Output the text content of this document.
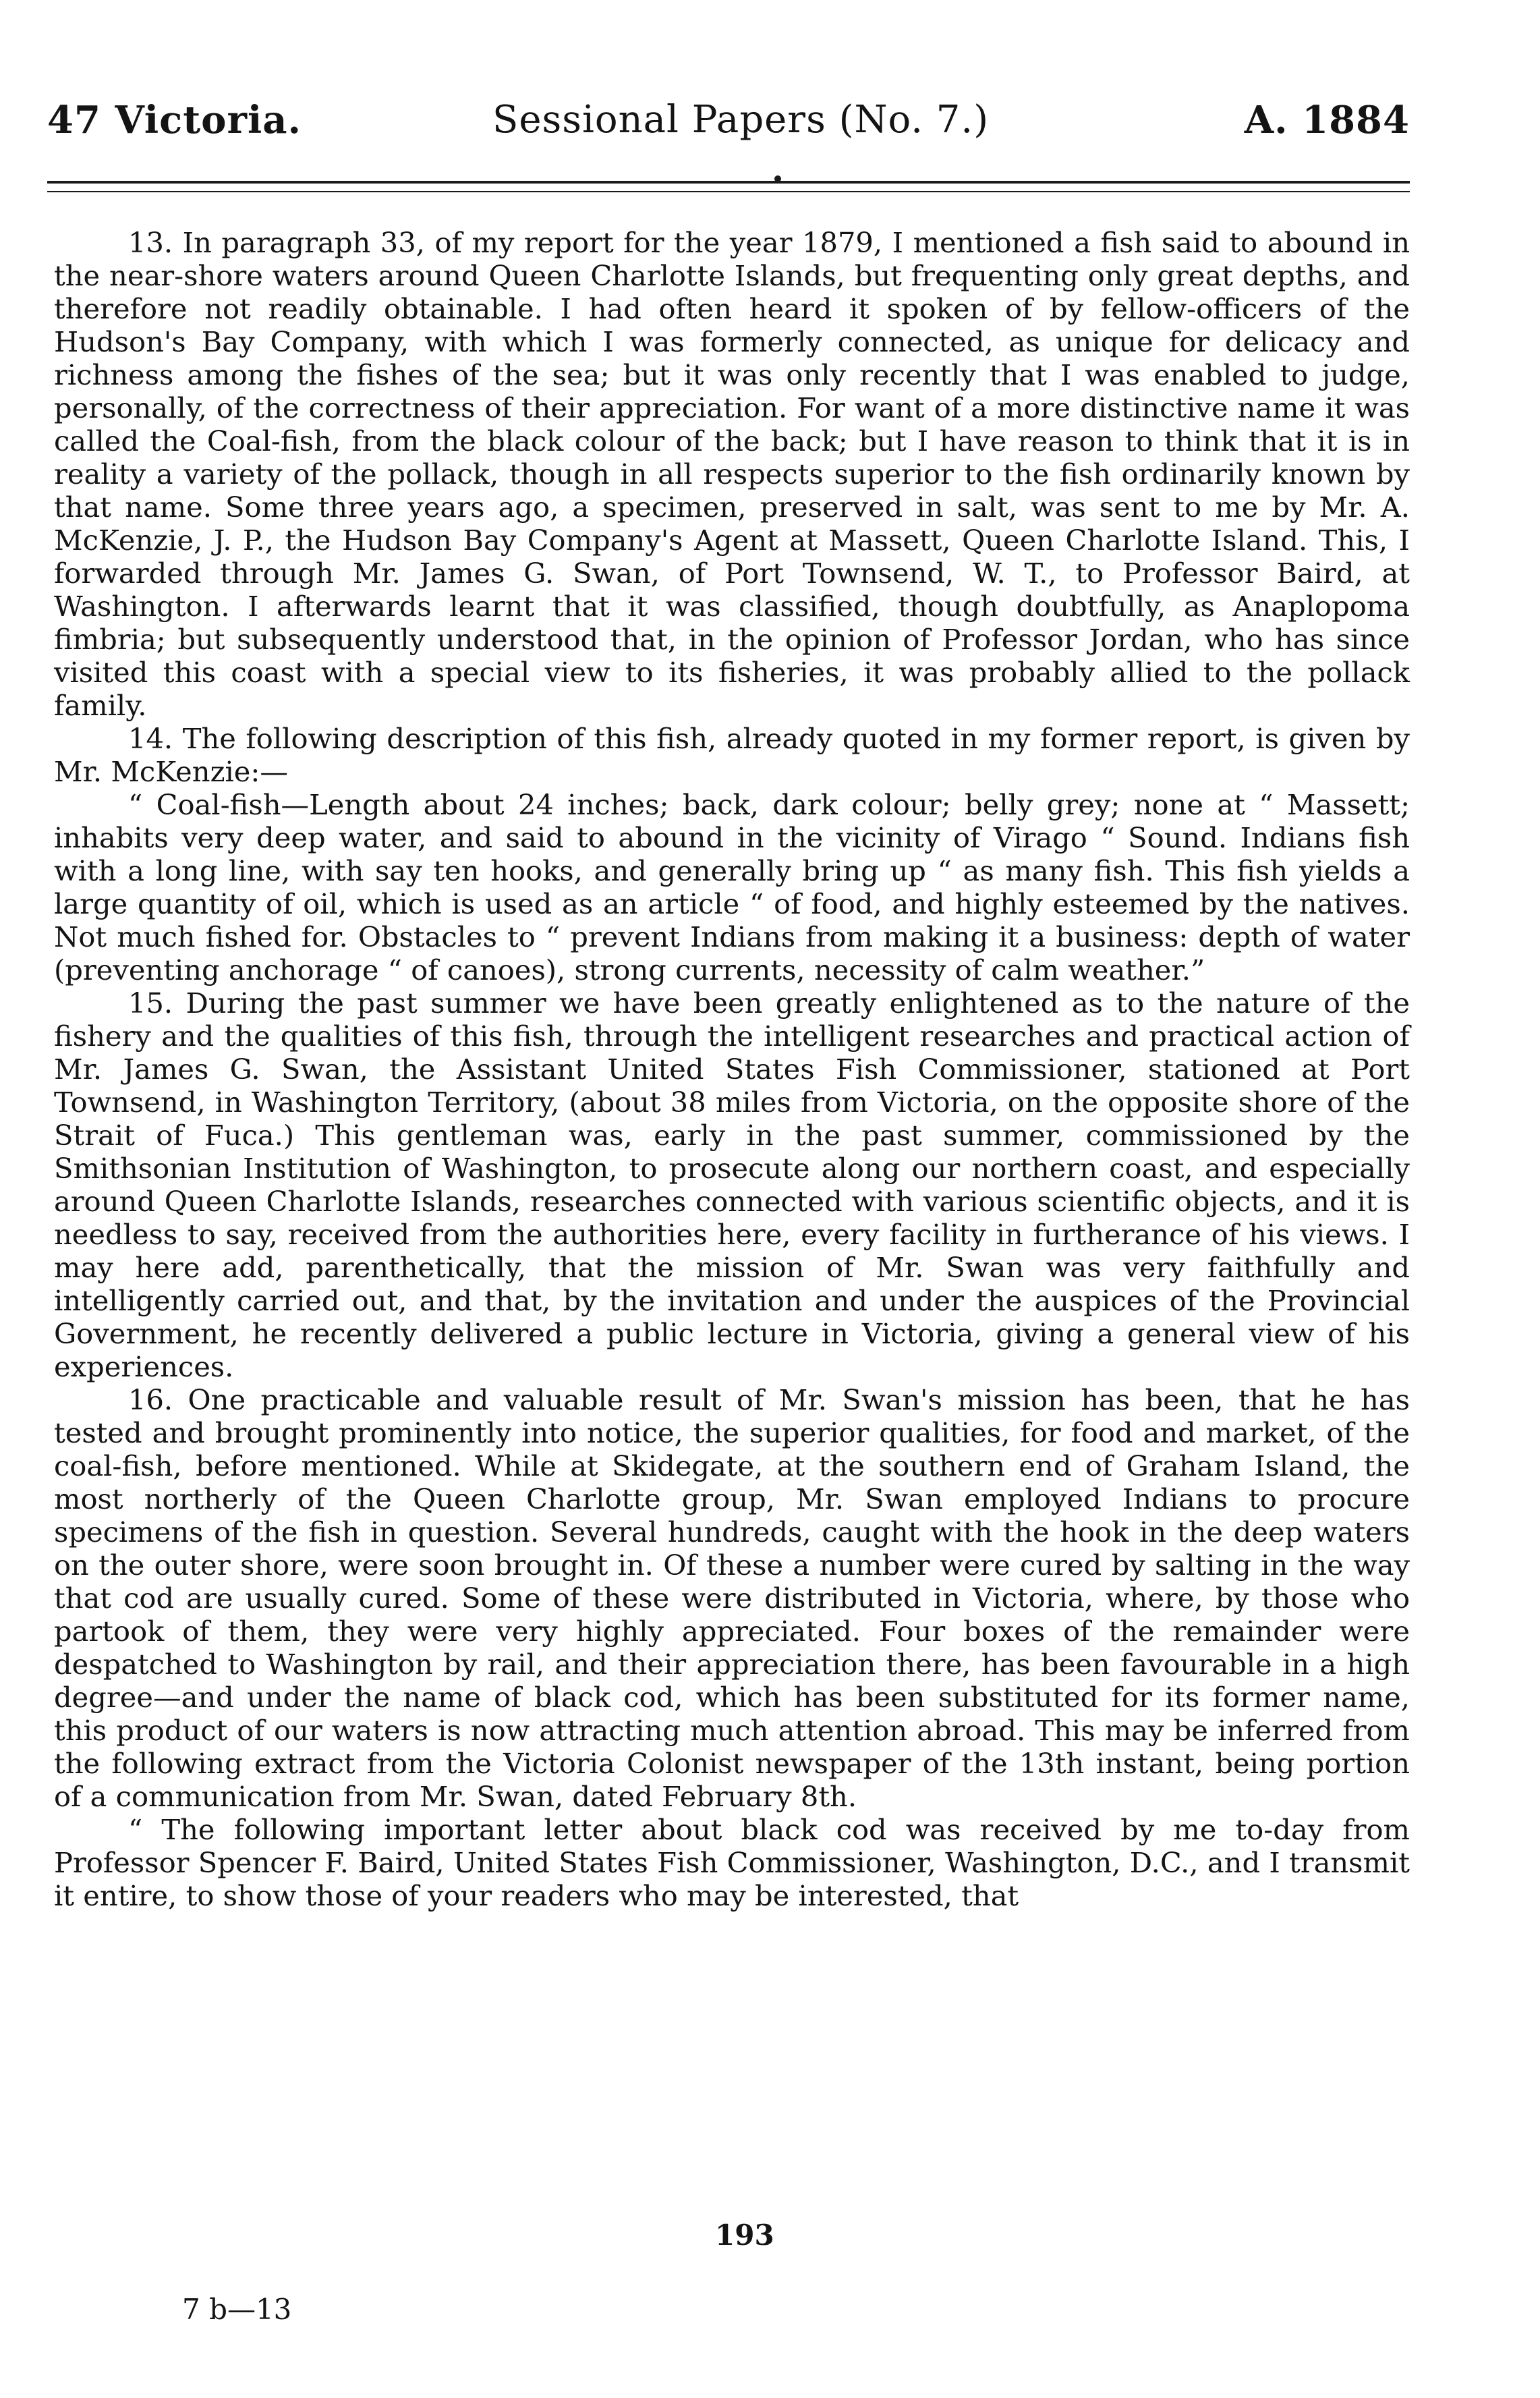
47 Victoria.	Sessional Papers (No. 7.)	A. 1884

13. In paragraph 33, of my report for the year 1879, I mentioned a fish said to abound in the near-shore waters around Queen Charlotte Islands, but frequenting only great depths, and therefore not readily obtainable. I had often heard it spoken of by fellow-officers of the Hudson's Bay Company, with which I was formerly connected, as unique for delicacy and richness among the fishes of the sea; but it was only recently that I was enabled to judge, personally, of the correctness of their appreciation. For want of a more distinctive name it was called the Coal-fish, from the black colour of the back; but I have reason to think that it is in reality a variety of the pollack, though in all respects superior to the fish ordinarily known by that name. Some three years ago, a specimen, preserved in salt, was sent to me by Mr. A. McKenzie, J. P., the Hudson Bay Company's Agent at Massett, Queen Charlotte Island. This, I forwarded through Mr. James G. Swan, of Port Townsend, W. T., to Professor Baird, at Washington. I afterwards learnt that it was classified, though doubtfully, as Anaplopoma fimbria; but subsequently understood that, in the opinion of Professor Jordan, who has since visited this coast with a special view to its fisheries, it was probably allied to the pollack family.

14. The following description of this fish, already quoted in my former report, is given by Mr. McKenzie:—

“ Coal-fish—Length about 24 inches; back, dark colour; belly grey; none at “ Massett; inhabits very deep water, and said to abound in the vicinity of Virago “ Sound. Indians fish with a long line, with say ten hooks, and generally bring up “ as many fish. This fish yields a large quantity of oil, which is used as an article “ of food, and highly esteemed by the natives. Not much fished for. Obstacles to “ prevent Indians from making it a business: depth of water (preventing anchorage “ of canoes), strong currents, necessity of calm weather.”

15. During the past summer we have been greatly enlightened as to the nature of the fishery and the qualities of this fish, through the intelligent researches and practical action of Mr. James G. Swan, the Assistant United States Fish Commissioner, stationed at Port Townsend, in Washington Territory, (about 38 miles from Victoria, on the opposite shore of the Strait of Fuca.) This gentleman was, early in the past summer, commissioned by the Smithsonian Institution of Washington, to prosecute along our northern coast, and especially around Queen Charlotte Islands, researches connected with various scientific objects, and it is needless to say, received from the authorities here, every facility in furtherance of his views. I may here add, parenthetically, that the mission of Mr. Swan was very faithfully and intelligently carried out, and that, by the invitation and under the auspices of the Provincial Government, he recently delivered a public lecture in Victoria, giving a general view of his experiences.

16. One practicable and valuable result of Mr. Swan's mission has been, that he has tested and brought prominently into notice, the superior qualities, for food and market, of the coal-fish, before mentioned. While at Skidegate, at the southern end of Graham Island, the most northerly of the Queen Charlotte group, Mr. Swan employed Indians to procure specimens of the fish in question. Several hundreds, caught with the hook in the deep waters on the outer shore, were soon brought in. Of these a number were cured by salting in the way that cod are usually cured. Some of these were distributed in Victoria, where, by those who partook of them, they were very highly appreciated. Four boxes of the remainder were despatched to Washington by rail, and their appreciation there, has been favourable in a high degree—and under the name of black cod, which has been substituted for its former name, this product of our waters is now attracting much attention abroad. This may be inferred from the following extract from the Victoria Colonist newspaper of the 13th instant, being portion of a communication from Mr. Swan, dated February 8th.

“ The following important letter about black cod was received by me to-day from Professor Spencer F. Baird, United States Fish Commissioner, Washington, D.C., and I transmit it entire, to show those of your readers who may be interested, that

193
7 b—13
